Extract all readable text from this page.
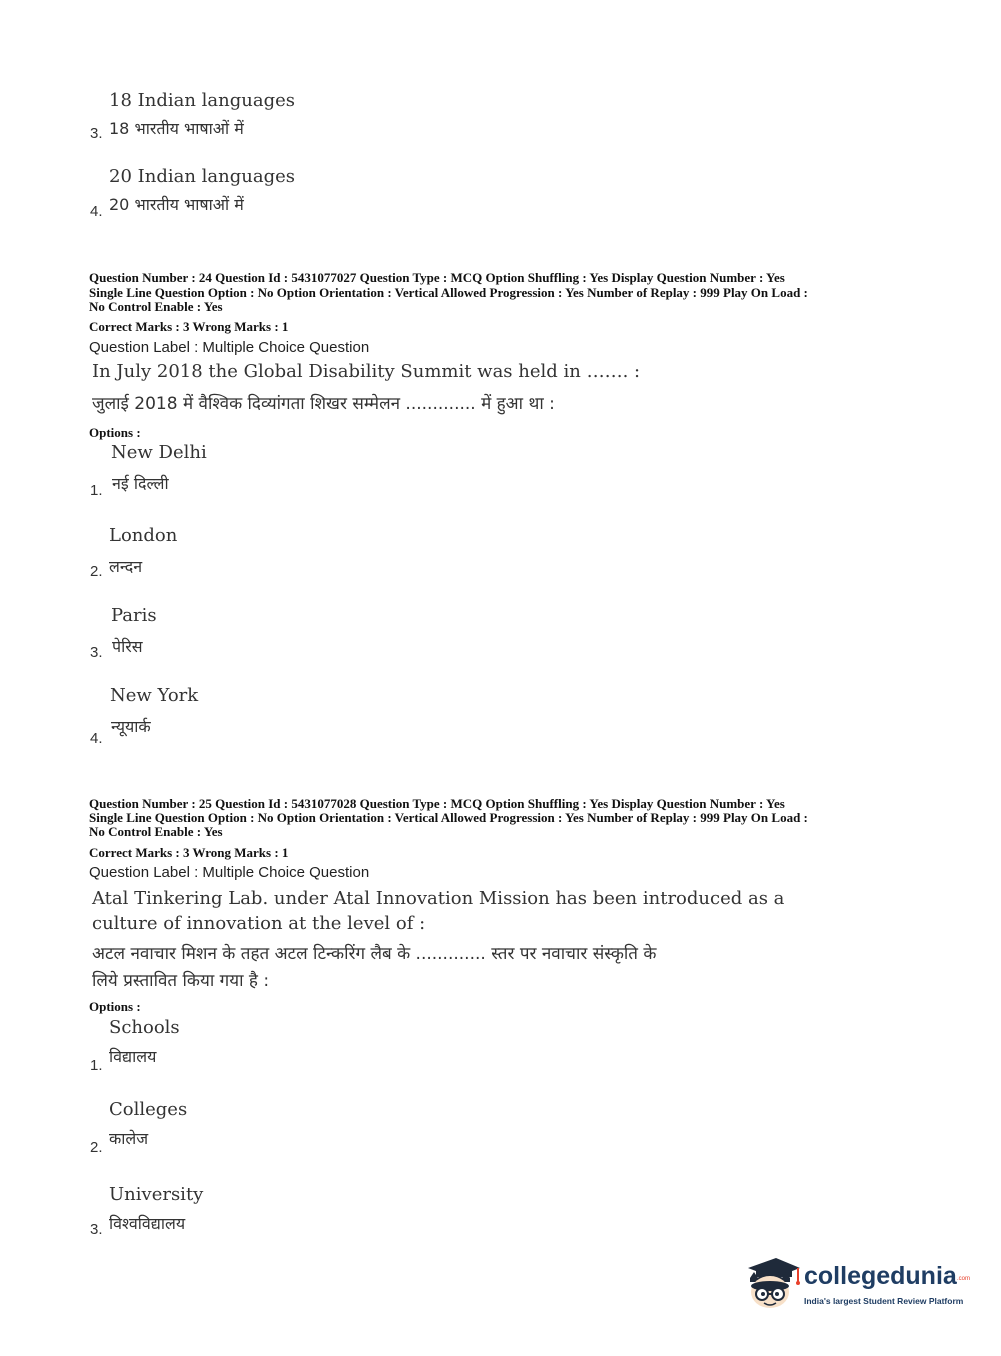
18 Indian languages
3. 18 भारतीय भाषाओं में
20 Indian languages
4. 20 भारतीय भाषाओं में
Question Number : 24 Question Id : 5431077027 Question Type : MCQ Option Shuffling : Yes Display Question Number : Yes
Single Line Question Option : No Option Orientation : Vertical Allowed Progression : Yes Number of Replay : 999 Play On Load :
No Control Enable : Yes
Correct Marks : 3 Wrong Marks : 1
Question Label : Multiple Choice Question
In July 2018 the Global Disability Summit was held in ……. :
जुलाई 2018 में वैश्विक दिव्यांगता शिखर सम्मेलन ............. में हुआ था :
Options :
New Delhi
1. नई दिल्ली
London
2. लन्दन
Paris
3. पेरिस
New York
4.
न्यूयार्क
Question Number : 25 Question Id : 5431077028 Question Type : MCQ Option Shuffling : Yes Display Question Number : Yes
Single Line Question Option : No Option Orientation : Vertical Allowed Progression : Yes Number of Replay : 999 Play On Load :
No Control Enable : Yes
Correct Marks : 3 Wrong Marks : 1
Question Label : Multiple Choice Question
Atal Tinkering Lab. under Atal Innovation Mission has been introduced as a
culture of innovation at the level of :
अटल नवाचार मिशन के तहत अटल टिन्करिंग लैब के ............. स्तर पर नवाचार संस्कृति के
लिये प्रस्तावित किया गया है :
Options :
Schools
1. विद्यालय
Colleges
2. कालेज
University
3. विश्वविद्यालय
collegedunia .com
India's largest Student Review Platform
